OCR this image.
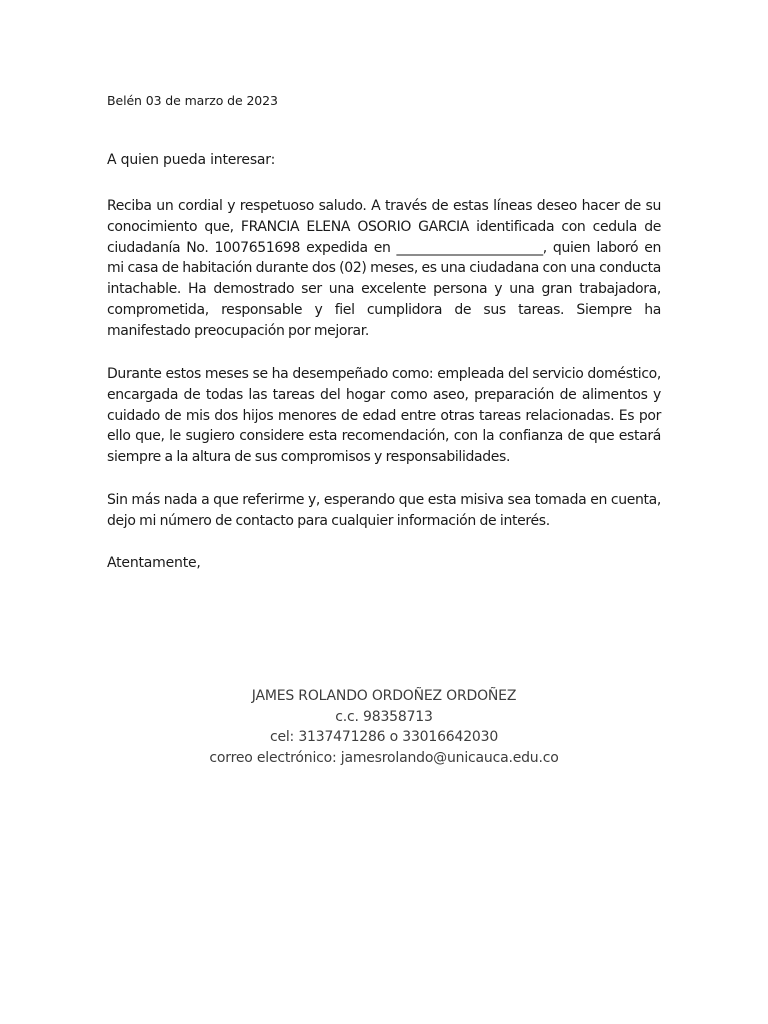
Belén 03 de marzo de 2023
A quien pueda interesar:

Reciba un cordial y respetuoso saludo. A través de estas líneas deseo hacer de su conocimiento que, FRANCIA ELENA OSORIO GARCIA identificada con cedula de ciudadanía No. 1007651698 expedida en ______________________, quien laboró en mi casa de habitación durante dos (02) meses, es una ciudadana con una conducta intachable. Ha demostrado ser una excelente persona y una gran trabajadora, comprometida, responsable y fiel cumplidora de sus tareas. Siempre ha manifestado preocupación por mejorar.

Durante estos meses se ha desempeñado como: empleada del servicio doméstico, encargada de todas las tareas del hogar como aseo, preparación de alimentos y cuidado de mis dos hijos menores de edad entre otras tareas relacionadas. Es por ello que, le sugiero considere esta recomendación, con la confianza de que estará siempre a la altura de sus compromisos y responsabilidades.

Sin más nada a que referirme y, esperando que esta misiva sea tomada en cuenta, dejo mi número de contacto para cualquier información de interés.

Atentamente,
JAMES ROLANDO ORDOÑEZ ORDOÑEZ
c.c. 98358713
cel: 3137471286 o 33016642030
correo electrónico: jamesrolando@unicauca.edu.co
